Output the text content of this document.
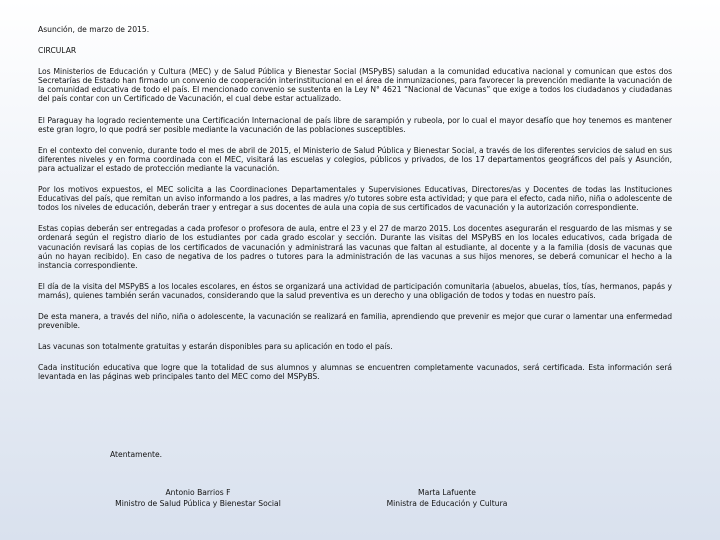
Asunción, de marzo de 2015.

CIRCULAR

Los Ministerios de Educación y Cultura (MEC) y de Salud Pública y Bienestar Social (MSPyBS) saludan a la comunidad educativa nacional y comunican que estos dos Secretarías de Estado han firmado un convenio de cooperación interinstitucional en el área de inmunizaciones, para favorecer la prevención mediante la vacunación de la comunidad educativa de todo el país. El mencionado convenio se sustenta en la Ley N° 4621 “Nacional de Vacunas” que exige a todos los ciudadanos y ciudadanas del país contar con un Certificado de Vacunación, el cual debe estar actualizado.

El Paraguay ha logrado recientemente una Certificación Internacional de país libre de sarampión y rubeola, por lo cual el mayor desafío que hoy tenemos es mantener este gran logro, lo que podrá ser posible mediante la vacunación de las poblaciones susceptibles.

En el contexto del convenio, durante todo el mes de abril de 2015, el Ministerio de Salud Pública y Bienestar Social, a través de los diferentes servicios de salud en sus diferentes niveles y en forma coordinada con el MEC, visitará las escuelas y colegios, públicos y privados, de los 17 departamentos geográficos del país y Asunción, para actualizar el estado de protección mediante la vacunación.

Por los motivos expuestos, el MEC solicita a las Coordinaciones Departamentales y Supervisiones Educativas, Directores/as y Docentes de todas las Instituciones Educativas del país, que remitan un aviso informando a los padres, a las madres y/o tutores sobre esta actividad; y que para el efecto, cada niño, niña o adolescente de todos los niveles de educación, deberán traer y entregar a sus docentes de aula una copia de sus certificados de vacunación y la autorización correspondiente.

Estas copias deberán ser entregadas a cada profesor o profesora de aula, entre el 23 y el 27 de marzo 2015. Los docentes asegurarán el resguardo de las mismas y se ordenará según el registro diario de los estudiantes por cada grado escolar y sección. Durante las visitas del MSPyBS en los locales educativos, cada brigada de vacunación revisará las copias de los certificados de vacunación y administrará las vacunas que faltan al estudiante, al docente y a la familia (dosis de vacunas que aún no hayan recibido). En caso de negativa de los padres o tutores para la administración de las vacunas a sus hijos menores, se deberá comunicar el hecho a la instancia correspondiente.

El día de la visita del MSPyBS a los locales escolares, en éstos se organizará una actividad de participación comunitaria (abuelos, abuelas, tíos, tías, hermanos, papás y mamás), quienes también serán vacunados, considerando que la salud preventiva es un derecho y una obligación de todos y todas en nuestro país.

De esta manera, a través del niño, niña o adolescente, la vacunación se realizará en familia, aprendiendo que prevenir es mejor que curar o lamentar una enfermedad prevenible.

Las vacunas son totalmente gratuitas y estarán disponibles para su aplicación en todo el país.

Cada institución educativa que logre que la totalidad de sus alumnos y alumnas se encuentren completamente vacunados, será certificada. Esta información será levantada en las páginas web principales tanto del MEC como del MSPyBS.

Atentamente.

Antonio Barrios F
Ministro de Salud Pública y Bienestar Social
Marta Lafuente
Ministra de Educación y Cultura
